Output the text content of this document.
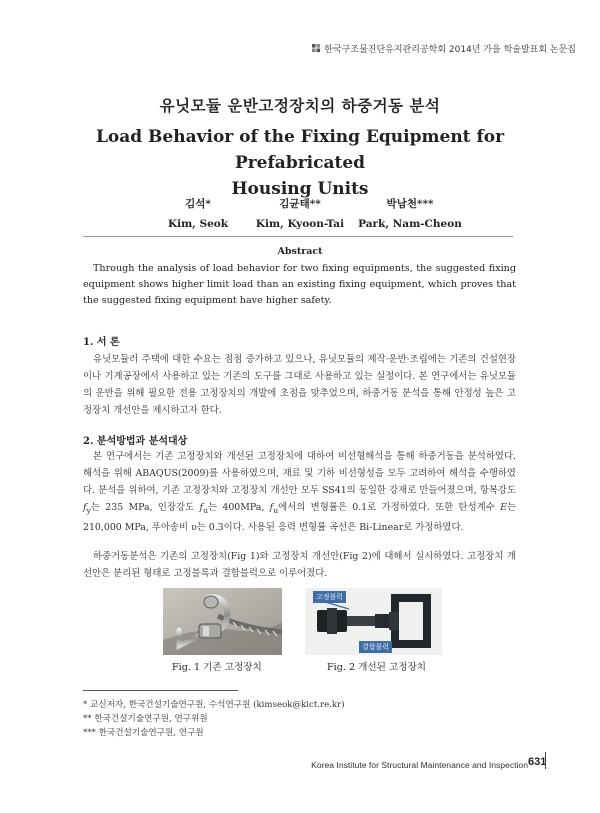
한국구조물진단유지관리공학회 2014년 가을 학술발표회 논문집
유닛모듈 운반고정장치의 하중거동 분석
Load Behavior of the Fixing Equipment for Prefabricated
Housing Units
김석*
Kim, Seok
김균태**
Kim, Kyoon-Tai
박남천***
Park, Nam-Cheon
Abstract
Through the analysis of load behavior for two fixing equipments, the suggested fixing equipment shows higher limit load than an existing fixing equipment, which proves that the suggested fixing equipment have higher safety.
1. 서 론
유닛모듈러 주택에 대한 수요는 점점 증가하고 있으나, 유닛모듈의 제작·운반·조립에는 기존의 건설현장이나 기계공장에서 사용하고 있는 기존의 도구를 그대로 사용하고 있는 실정이다. 본 연구에서는 유닛모듈의 운반을 위해 필요한 전용 고정장치의 개발에 초점을 맞추었으며, 하중거동 분석을 통해 안정성 높은 고정장치 개선안을 제시하고자 한다.
2. 분석방법과 분석대상
본 연구에서는 기존 고정장치와 개선된 고정장치에 대하여 비선형해석을 통해 하중거동을 분석하였다. 해석을 위해 ABAQUS(2009)를 사용하였으며, 재료 및 기하 비선형성을 모두 고려하여 해석을 수행하였다. 분석을 위하여, 기존 고정장치와 고정장치 개선안 모두 SS41의 동일한 강재로 만들어졌으며, 항복강도 $f_y$는 235 MPa, 인장강도 $f_u$는 400MPa, $f_u$에서의 변형률은 0.1로 가정하였다. 또한 탄성계수 E는 210,000 MPa, 푸아송비 υ는 0.3이다. 사용된 응력 변형률 곡선은 Bi-Linear로 가정하였다.
하중거동분석은 기존의 고정장치(Fig 1)와 고정장치 개선안(Fig 2)에 대해서 실시하였다. 고정장치 개선안은 분리된 형태로 고정블록과 결합블럭으로 이루어졌다.
고정블럭
결합블럭
Fig. 1 기존 고정장치	Fig. 2 개선된 고정장치
* 교신저자, 한국건설기술연구원, 수석연구원 (kimseok@kict.re.kr)
** 한국건설기술연구원, 연구위원
*** 한국건설기술연구원, 연구원
Korea Institute for Structural Maintenance and Inspection 631
